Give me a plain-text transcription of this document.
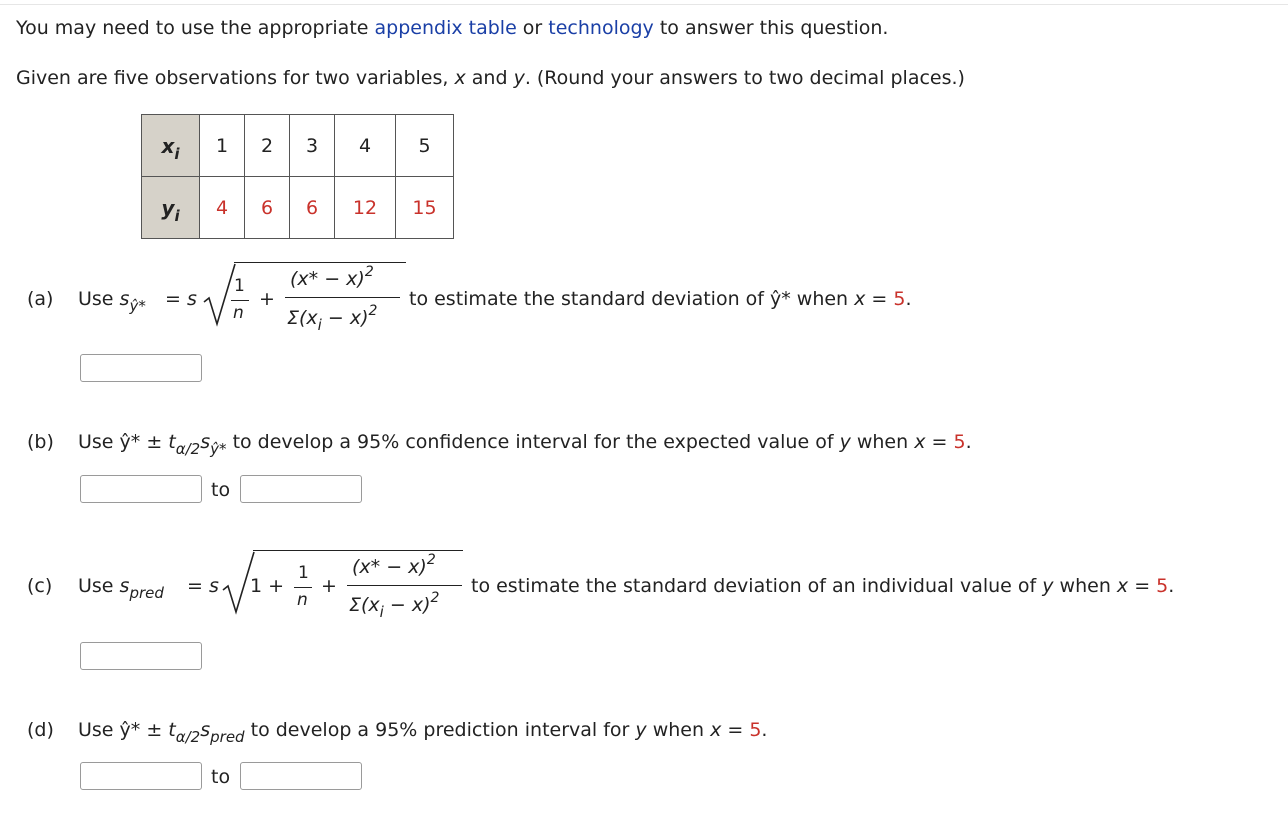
You may need to use the appropriate appendix table or technology to answer this question.
Given are five observations for two variables, x and y. (Round your answers to two decimal places.)
$x_i$	1	2	3	4	5
$y_i$	4	6	6	12	15
(a) Use $s_{ŷ*} = s$
1
n
+
$(x* - x)^2$
$\Sigma(x_i - x)^2$
to estimate the standard deviation of ŷ* when x = 5.
(b) Use ŷ* ± $t_{\alpha/2}s_{ŷ*}$ to develop a 95% confidence interval for the expected value of y when x = 5.
to
(c) Use $s_{pred} = s$ 1 +
1
n
+
$(x* - x)^2$
$\Sigma(x_i - x)^2$
to estimate the standard deviation of an individual value of y when x = 5.
(d) Use ŷ* ± $t_{\alpha/2}s_{pred}$ to develop a 95% prediction interval for y when x = 5.
to
